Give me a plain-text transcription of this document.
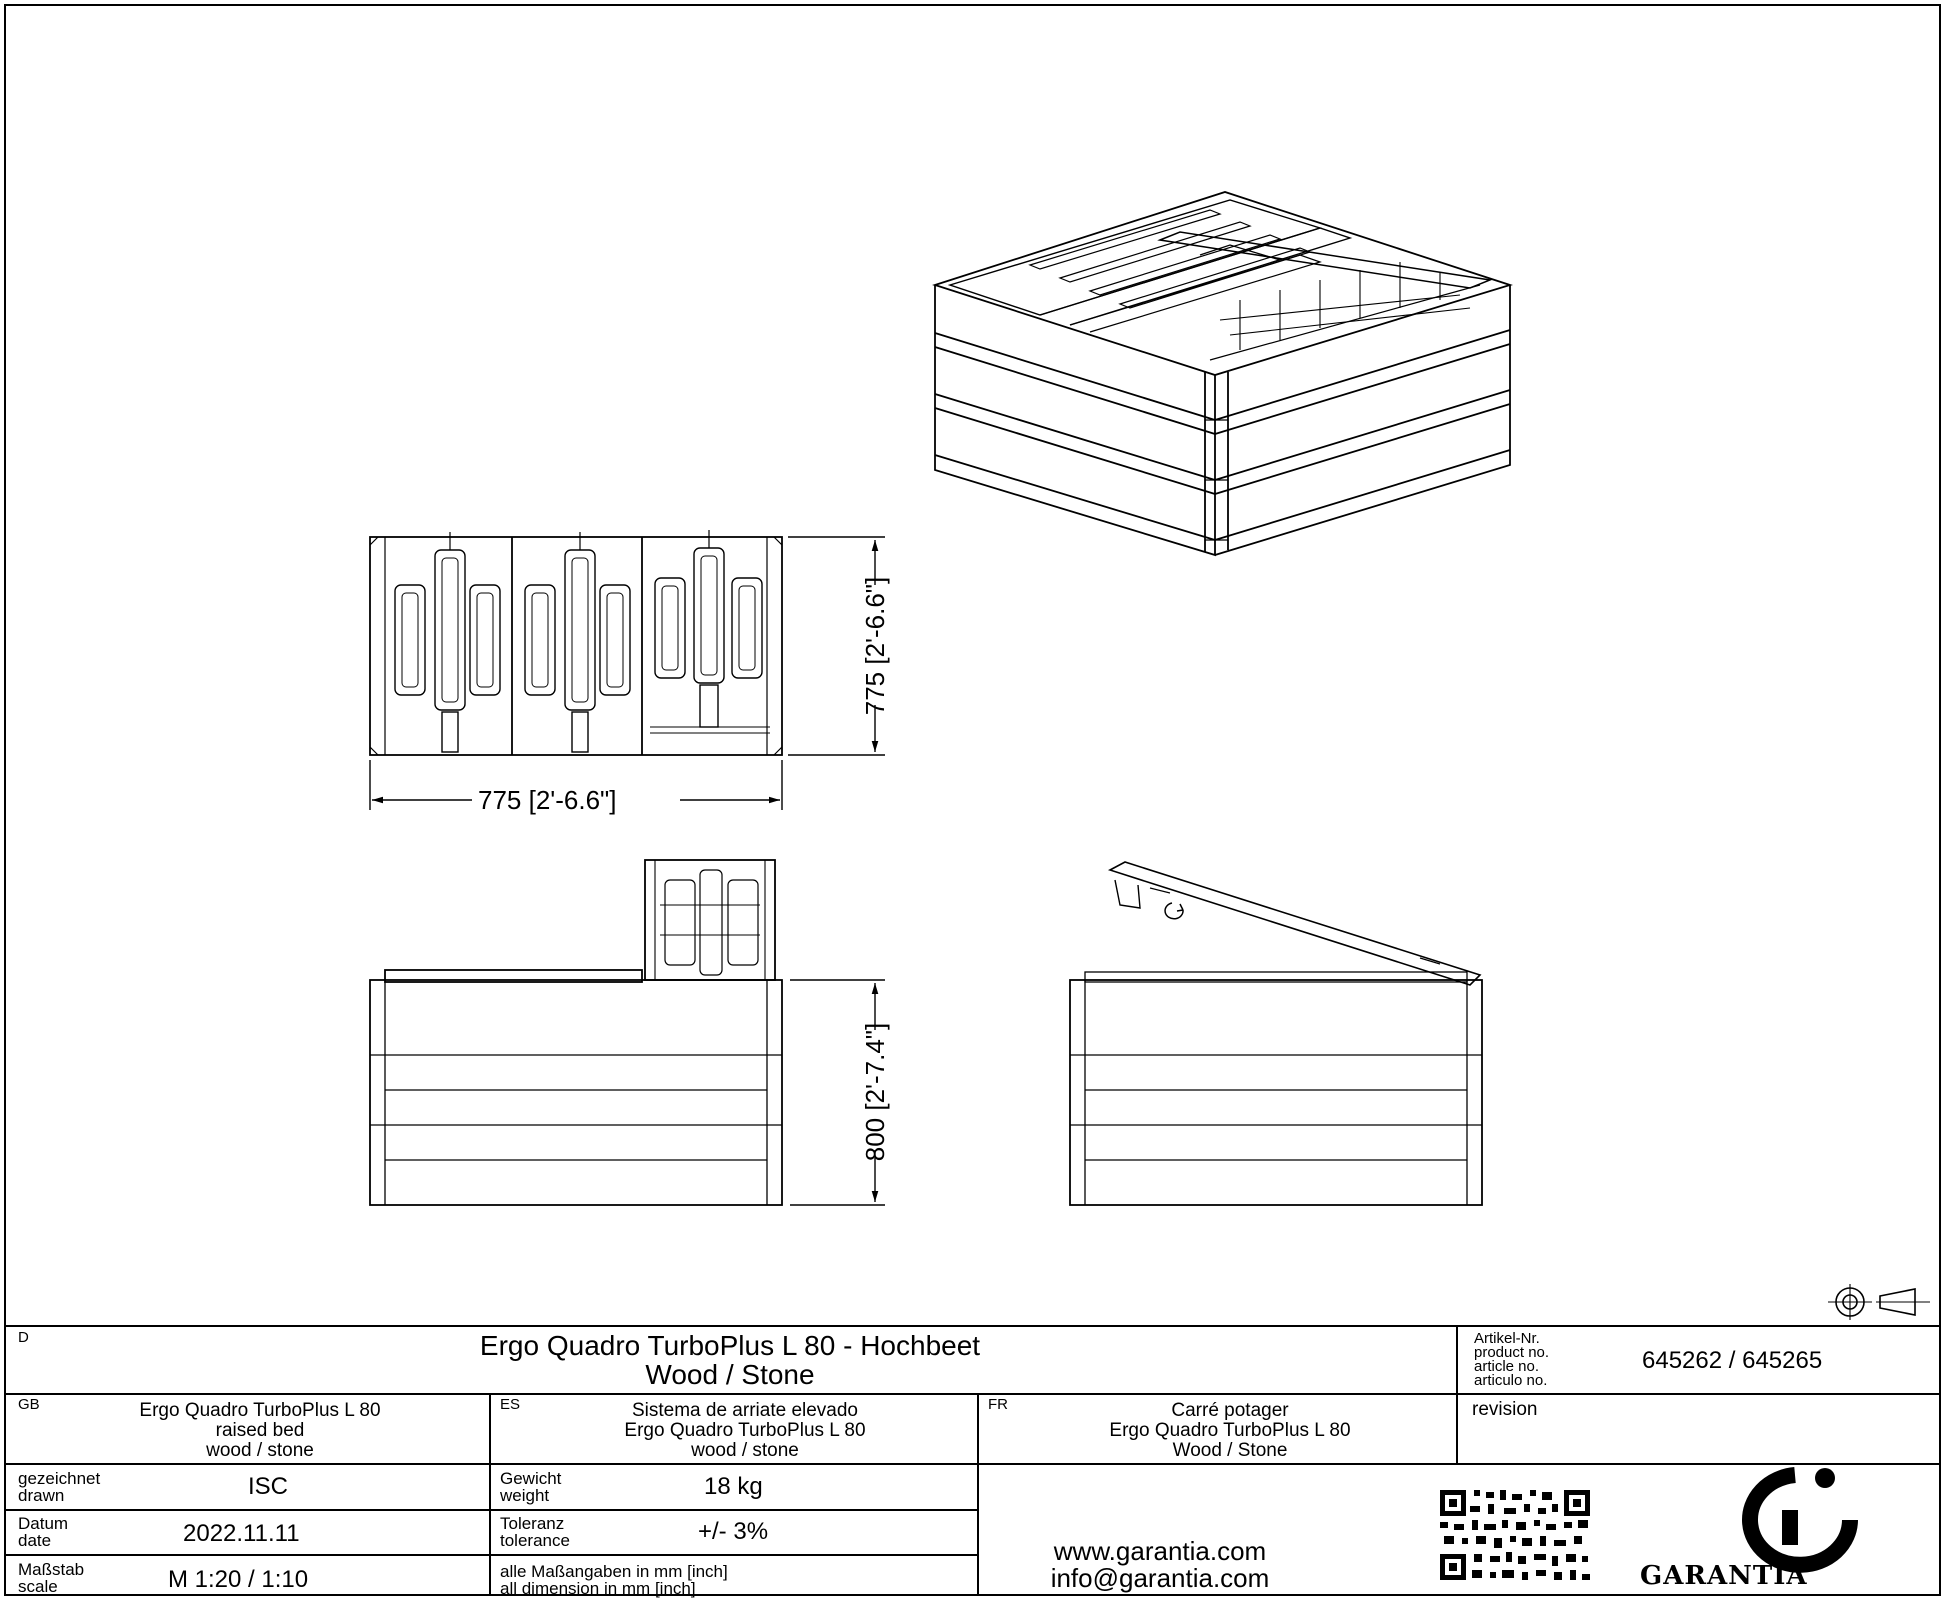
775 [2'-6.6"]
775 [2'-6.6"]
800 [2'-7.4"]
D	Ergo Quadro TurboPlus L 80 - Hochbeet
Wood / Stone
Artikel-Nr.
product no.
article no.
articulo no.
645262 / 645265
GB	Ergo Quadro TurboPlus L 80
raised bed
wood / stone
ES	Sistema de arriate elevado
Ergo Quadro TurboPlus L 80
wood / stone
FR	Carré potager
Ergo Quadro TurboPlus L 80
Wood / Stone
revision
gezeichnet
drawn	ISC
Datum
date	2022.11.11
Maßstab
scale	M 1:20 / 1:10
Gewicht
weight	18 kg
Toleranz
tolerance	+/- 3%
alle Maßangaben in mm [inch]
all dimension in mm [inch]
www.garantia.com
info@garantia.com	GARANTIA
